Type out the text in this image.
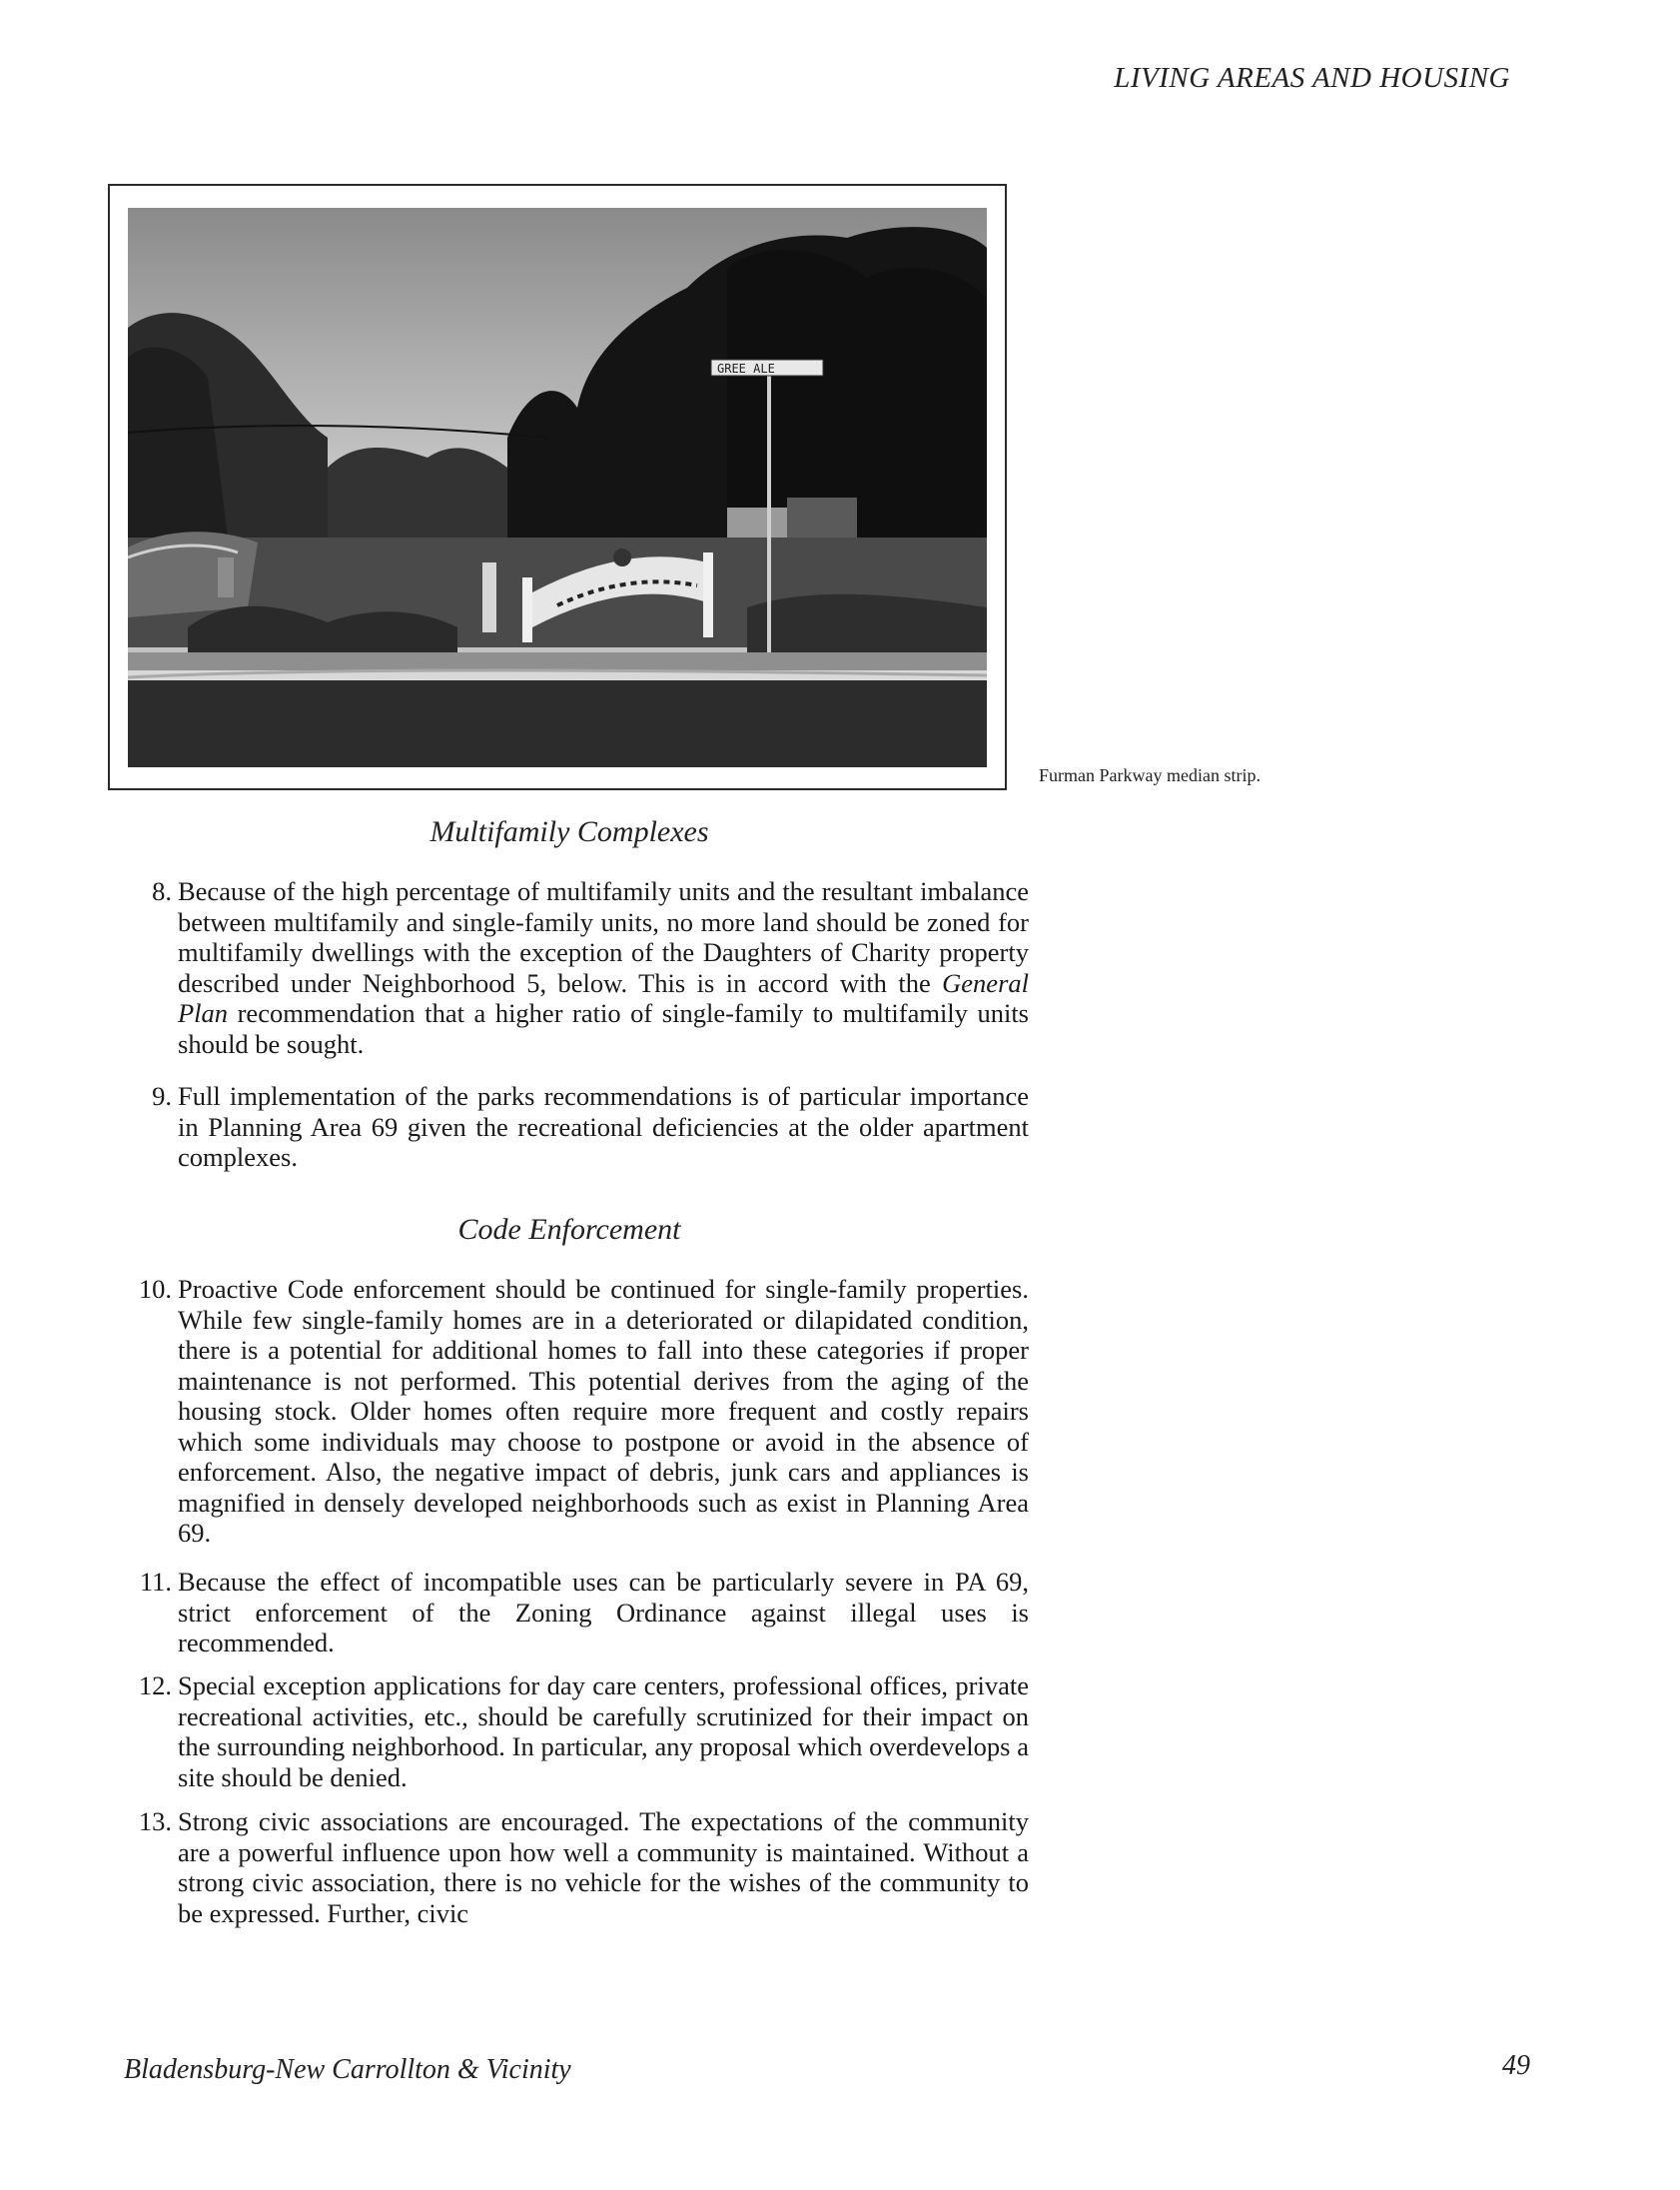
LIVING AREAS AND HOUSING
GREE ALE
Furman Parkway median strip.
Multifamily Complexes
8. Because of the high percentage of multifamily units and the resultant imbalance between multifamily and single-family units, no more land should be zoned for multifamily dwellings with the exception of the Daughters of Charity property described under Neighborhood 5, below. This is in accord with the General Plan recommendation that a higher ratio of single-family to multifamily units should be sought.
9. Full implementation of the parks recommendations is of particular importance in Planning Area 69 given the recreational deficiencies at the older apartment complexes.
Code Enforcement
10. Proactive Code enforcement should be continued for single-family properties. While few single-family homes are in a deteriorated or dilapidated condition, there is a potential for additional homes to fall into these categories if proper maintenance is not performed. This potential derives from the aging of the housing stock. Older homes often require more frequent and costly repairs which some individuals may choose to postpone or avoid in the absence of enforcement. Also, the negative impact of debris, junk cars and appliances is magnified in densely developed neighborhoods such as exist in Planning Area 69.
11. Because the effect of incompatible uses can be particularly severe in PA 69, strict enforcement of the Zoning Ordinance against illegal uses is recommended.
12. Special exception applications for day care centers, professional offices, private recreational activities, etc., should be carefully scrutinized for their impact on the surrounding neighborhood. In particular, any proposal which overdevelops a site should be denied.
13. Strong civic associations are encouraged. The expectations of the community are a powerful influence upon how well a community is maintained. Without a strong civic association, there is no vehicle for the wishes of the community to be expressed. Further, civic
Bladensburg-New Carrollton & Vicinity	49
